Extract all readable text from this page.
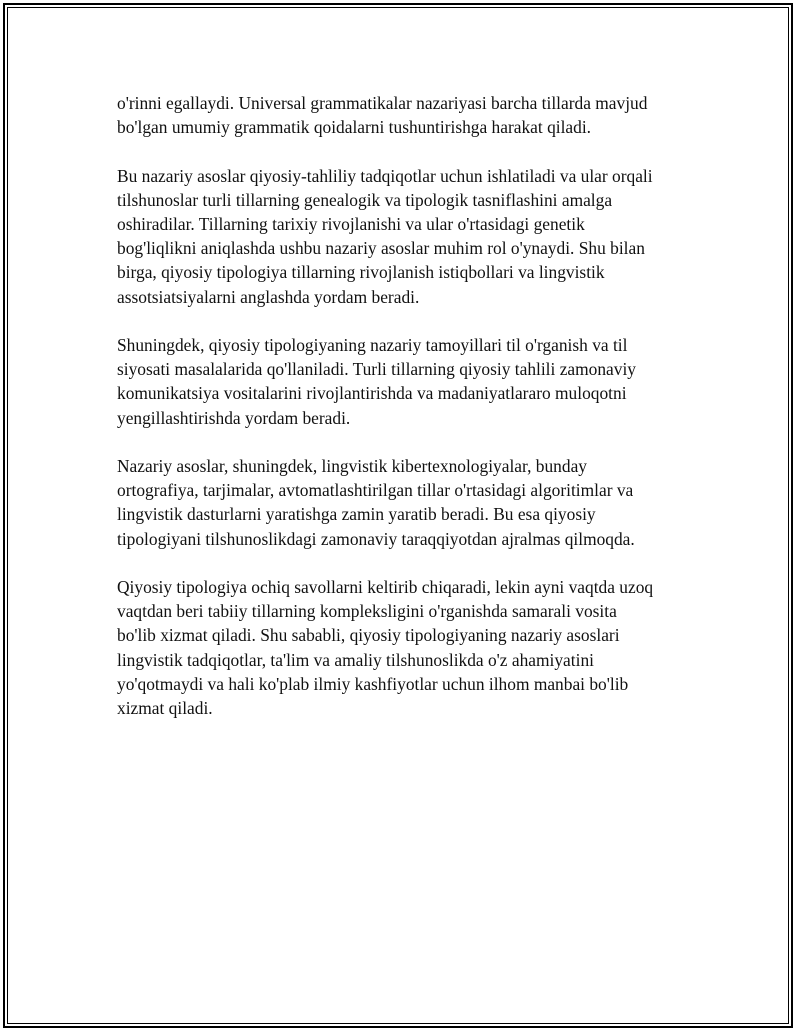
o'rinni egallaydi. Universal grammatikalar nazariyasi barcha tillarda mavjud
bo'lgan umumiy grammatik qoidalarni tushuntirishga harakat qiladi.

Bu nazariy asoslar qiyosiy-tahliliy tadqiqotlar uchun ishlatiladi va ular orqali
tilshunoslar turli tillarning genealogik va tipologik tasniflashini amalga
oshiradilar. Tillarning tarixiy rivojlanishi va ular o'rtasidagi genetik
bog'liqlikni aniqlashda ushbu nazariy asoslar muhim rol o'ynaydi. Shu bilan
birga, qiyosiy tipologiya tillarning rivojlanish istiqbollari va lingvistik
assotsiatsiyalarni anglashda yordam beradi.

Shuningdek, qiyosiy tipologiyaning nazariy tamoyillari til o'rganish va til
siyosati masalalarida qo'llaniladi. Turli tillarning qiyosiy tahlili zamonaviy
komunikatsiya vositalarini rivojlantirishda va madaniyatlararo muloqotni
yengillashtirishda yordam beradi.

Nazariy asoslar, shuningdek, lingvistik kibertexnologiyalar, bunday
ortografiya, tarjimalar, avtomatlashtirilgan tillar o'rtasidagi algoritimlar va
lingvistik dasturlarni yaratishga zamin yaratib beradi. Bu esa qiyosiy
tipologiyani tilshunoslikdagi zamonaviy taraqqiyotdan ajralmas qilmoqda.

Qiyosiy tipologiya ochiq savollarni keltirib chiqaradi, lekin ayni vaqtda uzoq
vaqtdan beri tabiiy tillarning kompleksligini o'rganishda samarali vosita
bo'lib xizmat qiladi. Shu sababli, qiyosiy tipologiyaning nazariy asoslari
lingvistik tadqiqotlar, ta'lim va amaliy tilshunoslikda o'z ahamiyatini
yo'qotmaydi va hali ko'plab ilmiy kashfiyotlar uchun ilhom manbai bo'lib
xizmat qiladi.
